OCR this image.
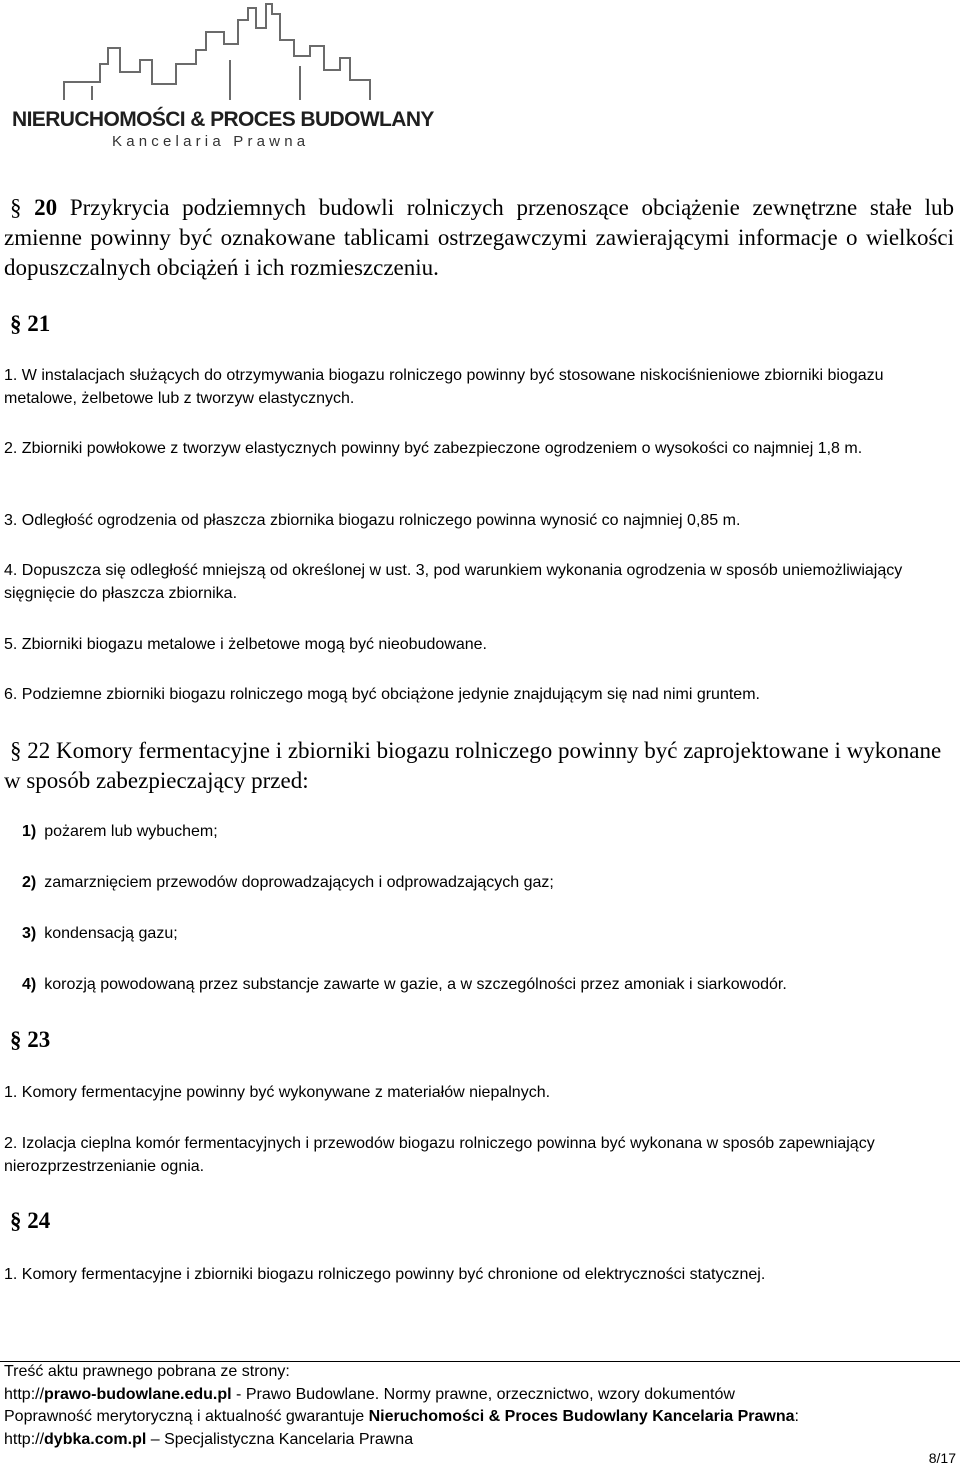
NIERUCHOMOŚCI & PROCES BUDOWLANY
Kancelaria Prawna
§ 20 Przykrycia podziemnych budowli rolniczych przenoszące obciążenie zewnętrzne stałe lub zmienne powinny być oznakowane tablicami ostrzegawczymi zawierającymi informacje o wielkości dopuszczalnych obciążeń i ich rozmieszczeniu.
§ 21
1. W instalacjach służących do otrzymywania biogazu rolniczego powinny być stosowane niskociśnieniowe zbiorniki biogazu metalowe, żelbetowe lub z tworzyw elastycznych.
2. Zbiorniki powłokowe z tworzyw elastycznych powinny być zabezpieczone ogrodzeniem o wysokości co najmniej 1,8 m.
3. Odległość ogrodzenia od płaszcza zbiornika biogazu rolniczego powinna wynosić co najmniej 0,85 m.
4. Dopuszcza się odległość mniejszą od określonej w ust. 3, pod warunkiem wykonania ogrodzenia w sposób uniemożliwiający sięgnięcie do płaszcza zbiornika.
5. Zbiorniki biogazu metalowe i żelbetowe mogą być nieobudowane.
6. Podziemne zbiorniki biogazu rolniczego mogą być obciążone jedynie znajdującym się nad nimi gruntem.
§ 22 Komory fermentacyjne i zbiorniki biogazu rolniczego powinny być zaprojektowane i wykonane w sposób zabezpieczający przed:
1) pożarem lub wybuchem;
2) zamarznięciem przewodów doprowadzających i odprowadzających gaz;
3) kondensacją gazu;
4) korozją powodowaną przez substancje zawarte w gazie, a w szczególności przez amoniak i siarkowodór.
§ 23
1. Komory fermentacyjne powinny być wykonywane z materiałów niepalnych.
2. Izolacja cieplna komór fermentacyjnych i przewodów biogazu rolniczego powinna być wykonana w sposób zapewniający nierozprzestrzenianie ognia.
§ 24
1. Komory fermentacyjne i zbiorniki biogazu rolniczego powinny być chronione od elektryczności statycznej.
Treść aktu prawnego pobrana ze strony:
http://prawo-budowlane.edu.pl - Prawo Budowlane. Normy prawne, orzecznictwo, wzory dokumentów
Poprawność merytoryczną i aktualność gwarantuje Nieruchomości & Proces Budowlany Kancelaria Prawna:
http://dybka.com.pl – Specjalistyczna Kancelaria Prawna
8/17
